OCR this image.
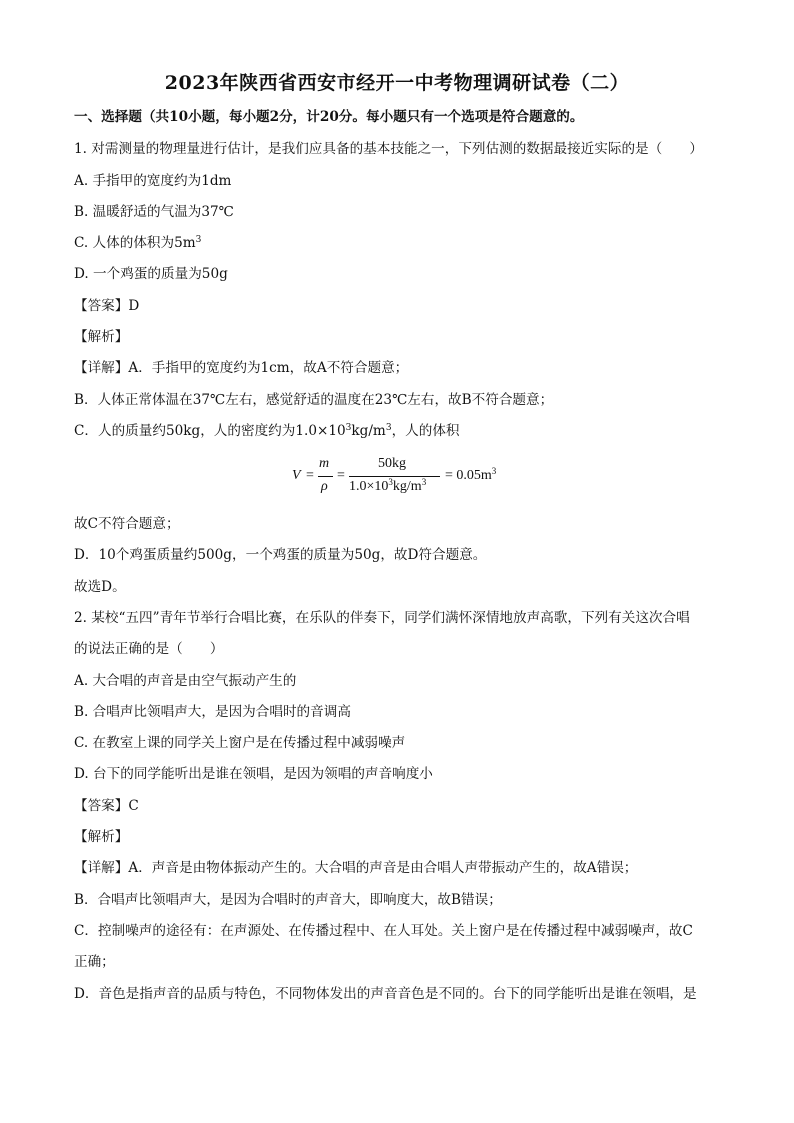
2023年陕西省西安市经开一中考物理调研试卷（二）
一、选择题（共10小题，每小题2分，计20分。每小题只有一个选项是符合题意的。
1. 对需测量的物理量进行估计，是我们应具备的基本技能之一，下列估测的数据最接近实际的是（　　）
A. 手指甲的宽度约为1dm
B. 温暖舒适的气温为37℃
C. 人体的体积为$5m^3$
D. 一个鸡蛋的质量为50g
【答案】D
【解析】
【详解】A．手指甲的宽度约为1cm，故A不符合题意；
B．人体正常体温在37℃左右，感觉舒适的温度在23℃左右，故B不符合题意；
C．人的质量约50kg，人的密度约为$1.0\times 10^3kg/m^3$，人的体积
V =
m
ρ
=
50kg
$1.0\times 10^3kg/m^3 = 0.05m^3$
故C不符合题意；
D．10个鸡蛋质量约500g，一个鸡蛋的质量为50g，故D符合题意。
故选D。
2. 某校“五四”青年节举行合唱比赛，在乐队的伴奏下，同学们满怀深情地放声高歌，下列有关这次合唱
的说法正确的是（　　）
A. 大合唱的声音是由空气振动产生的
B. 合唱声比领唱声大，是因为合唱时的音调高
C. 在教室上课的同学关上窗户是在传播过程中减弱噪声
D. 台下的同学能听出是谁在领唱，是因为领唱的声音响度小
【答案】C
【解析】
【详解】A．声音是由物体振动产生的。大合唱的声音是由合唱人声带振动产生的，故A错误；
B．合唱声比领唱声大，是因为合唱时的声音大，即响度大，故B错误；
C．控制噪声的途径有：在声源处、在传播过程中、在人耳处。关上窗户是在传播过程中减弱噪声，故C
正确；
D．音色是指声音的品质与特色，不同物体发出的声音音色是不同的。台下的同学能听出是谁在领唱，是
